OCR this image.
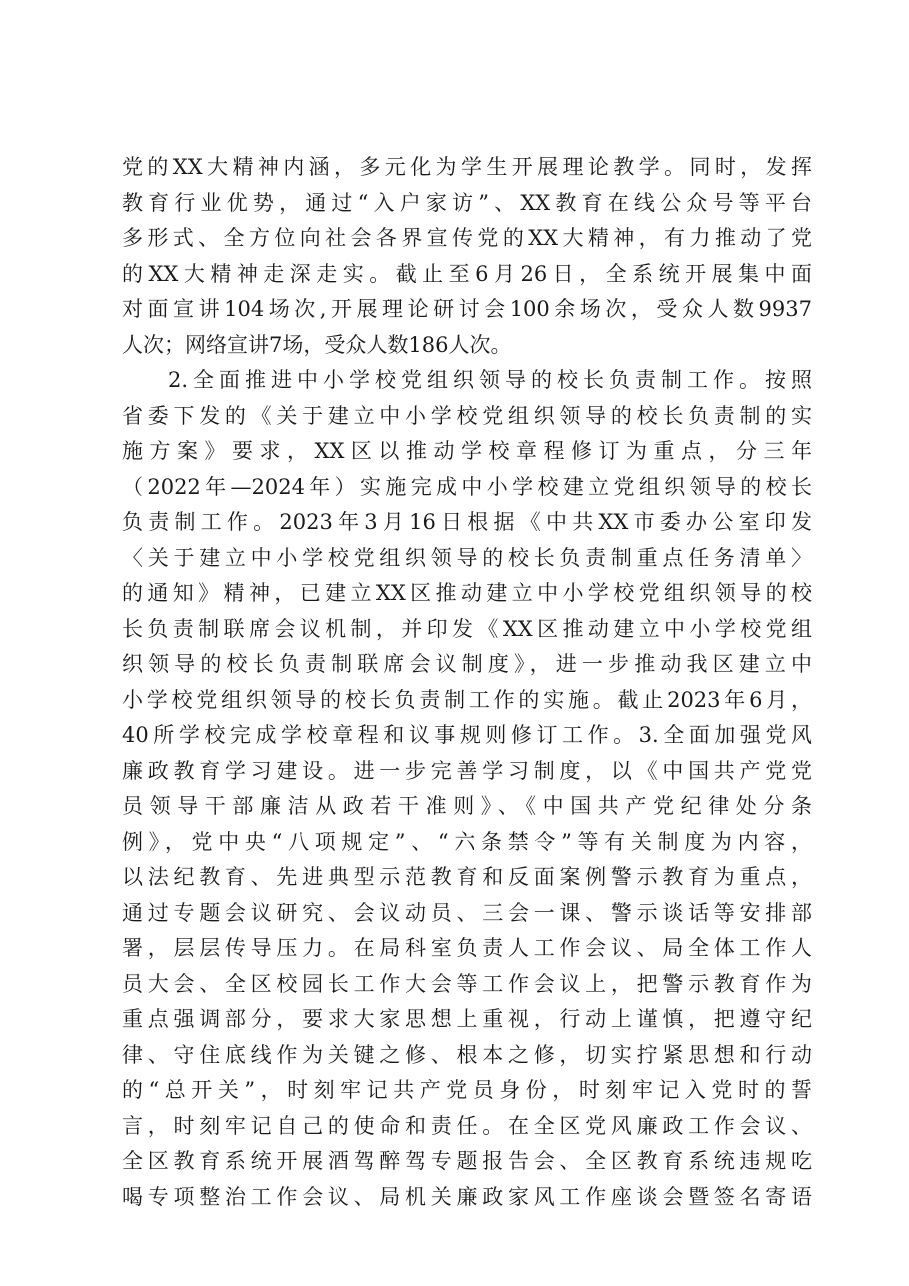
党的XX大精神内涵，多元化为学生开展理论教学。同时，发挥
教育行业优势，通过“入户家访”、XX教育在线公众号等平台
多形式、全方位向社会各界宣传党的XX大精神，有力推动了党
的XX大精神走深走实。截止至6月26日，全系统开展集中面
对面宣讲104场次,开展理论研讨会100余场次，受众人数9937
人次；网络宣讲7场，受众人数186人次。
2.全面推进中小学校党组织领导的校长负责制工作。按照
省委下发的《关于建立中小学校党组织领导的校长负责制的实
施方案》要求，XX区以推动学校章程修订为重点，分三年
（2022年—2024年）实施完成中小学校建立党组织领导的校长
负责制工作。2023年3月16日根据《中共XX市委办公室印发
〈关于建立中小学校党组织领导的校长负责制重点任务清单〉
的通知》精神，已建立XX区推动建立中小学校党组织领导的校
长负责制联席会议机制，并印发《XX区推动建立中小学校党组
织领导的校长负责制联席会议制度》，进一步推动我区建立中
小学校党组织领导的校长负责制工作的实施。截止2023年6月，
40所学校完成学校章程和议事规则修订工作。3.全面加强党风
廉政教育学习建设。进一步完善学习制度，以《中国共产党党
员领导干部廉洁从政若干准则》、《中国共产党纪律处分条
例》，党中央“八项规定”、“六条禁令”等有关制度为内容，
以法纪教育、先进典型示范教育和反面案例警示教育为重点，
通过专题会议研究、会议动员、三会一课、警示谈话等安排部
署，层层传导压力。在局科室负责人工作会议、局全体工作人
员大会、全区校园长工作大会等工作会议上，把警示教育作为
重点强调部分，要求大家思想上重视，行动上谨慎，把遵守纪
律、守住底线作为关键之修、根本之修，切实拧紧思想和行动
的“总开关”，时刻牢记共产党员身份，时刻牢记入党时的誓
言，时刻牢记自己的使命和责任。在全区党风廉政工作会议、
全区教育系统开展酒驾醉驾专题报告会、全区教育系统违规吃
喝专项整治工作会议、局机关廉政家风工作座谈会暨签名寄语
